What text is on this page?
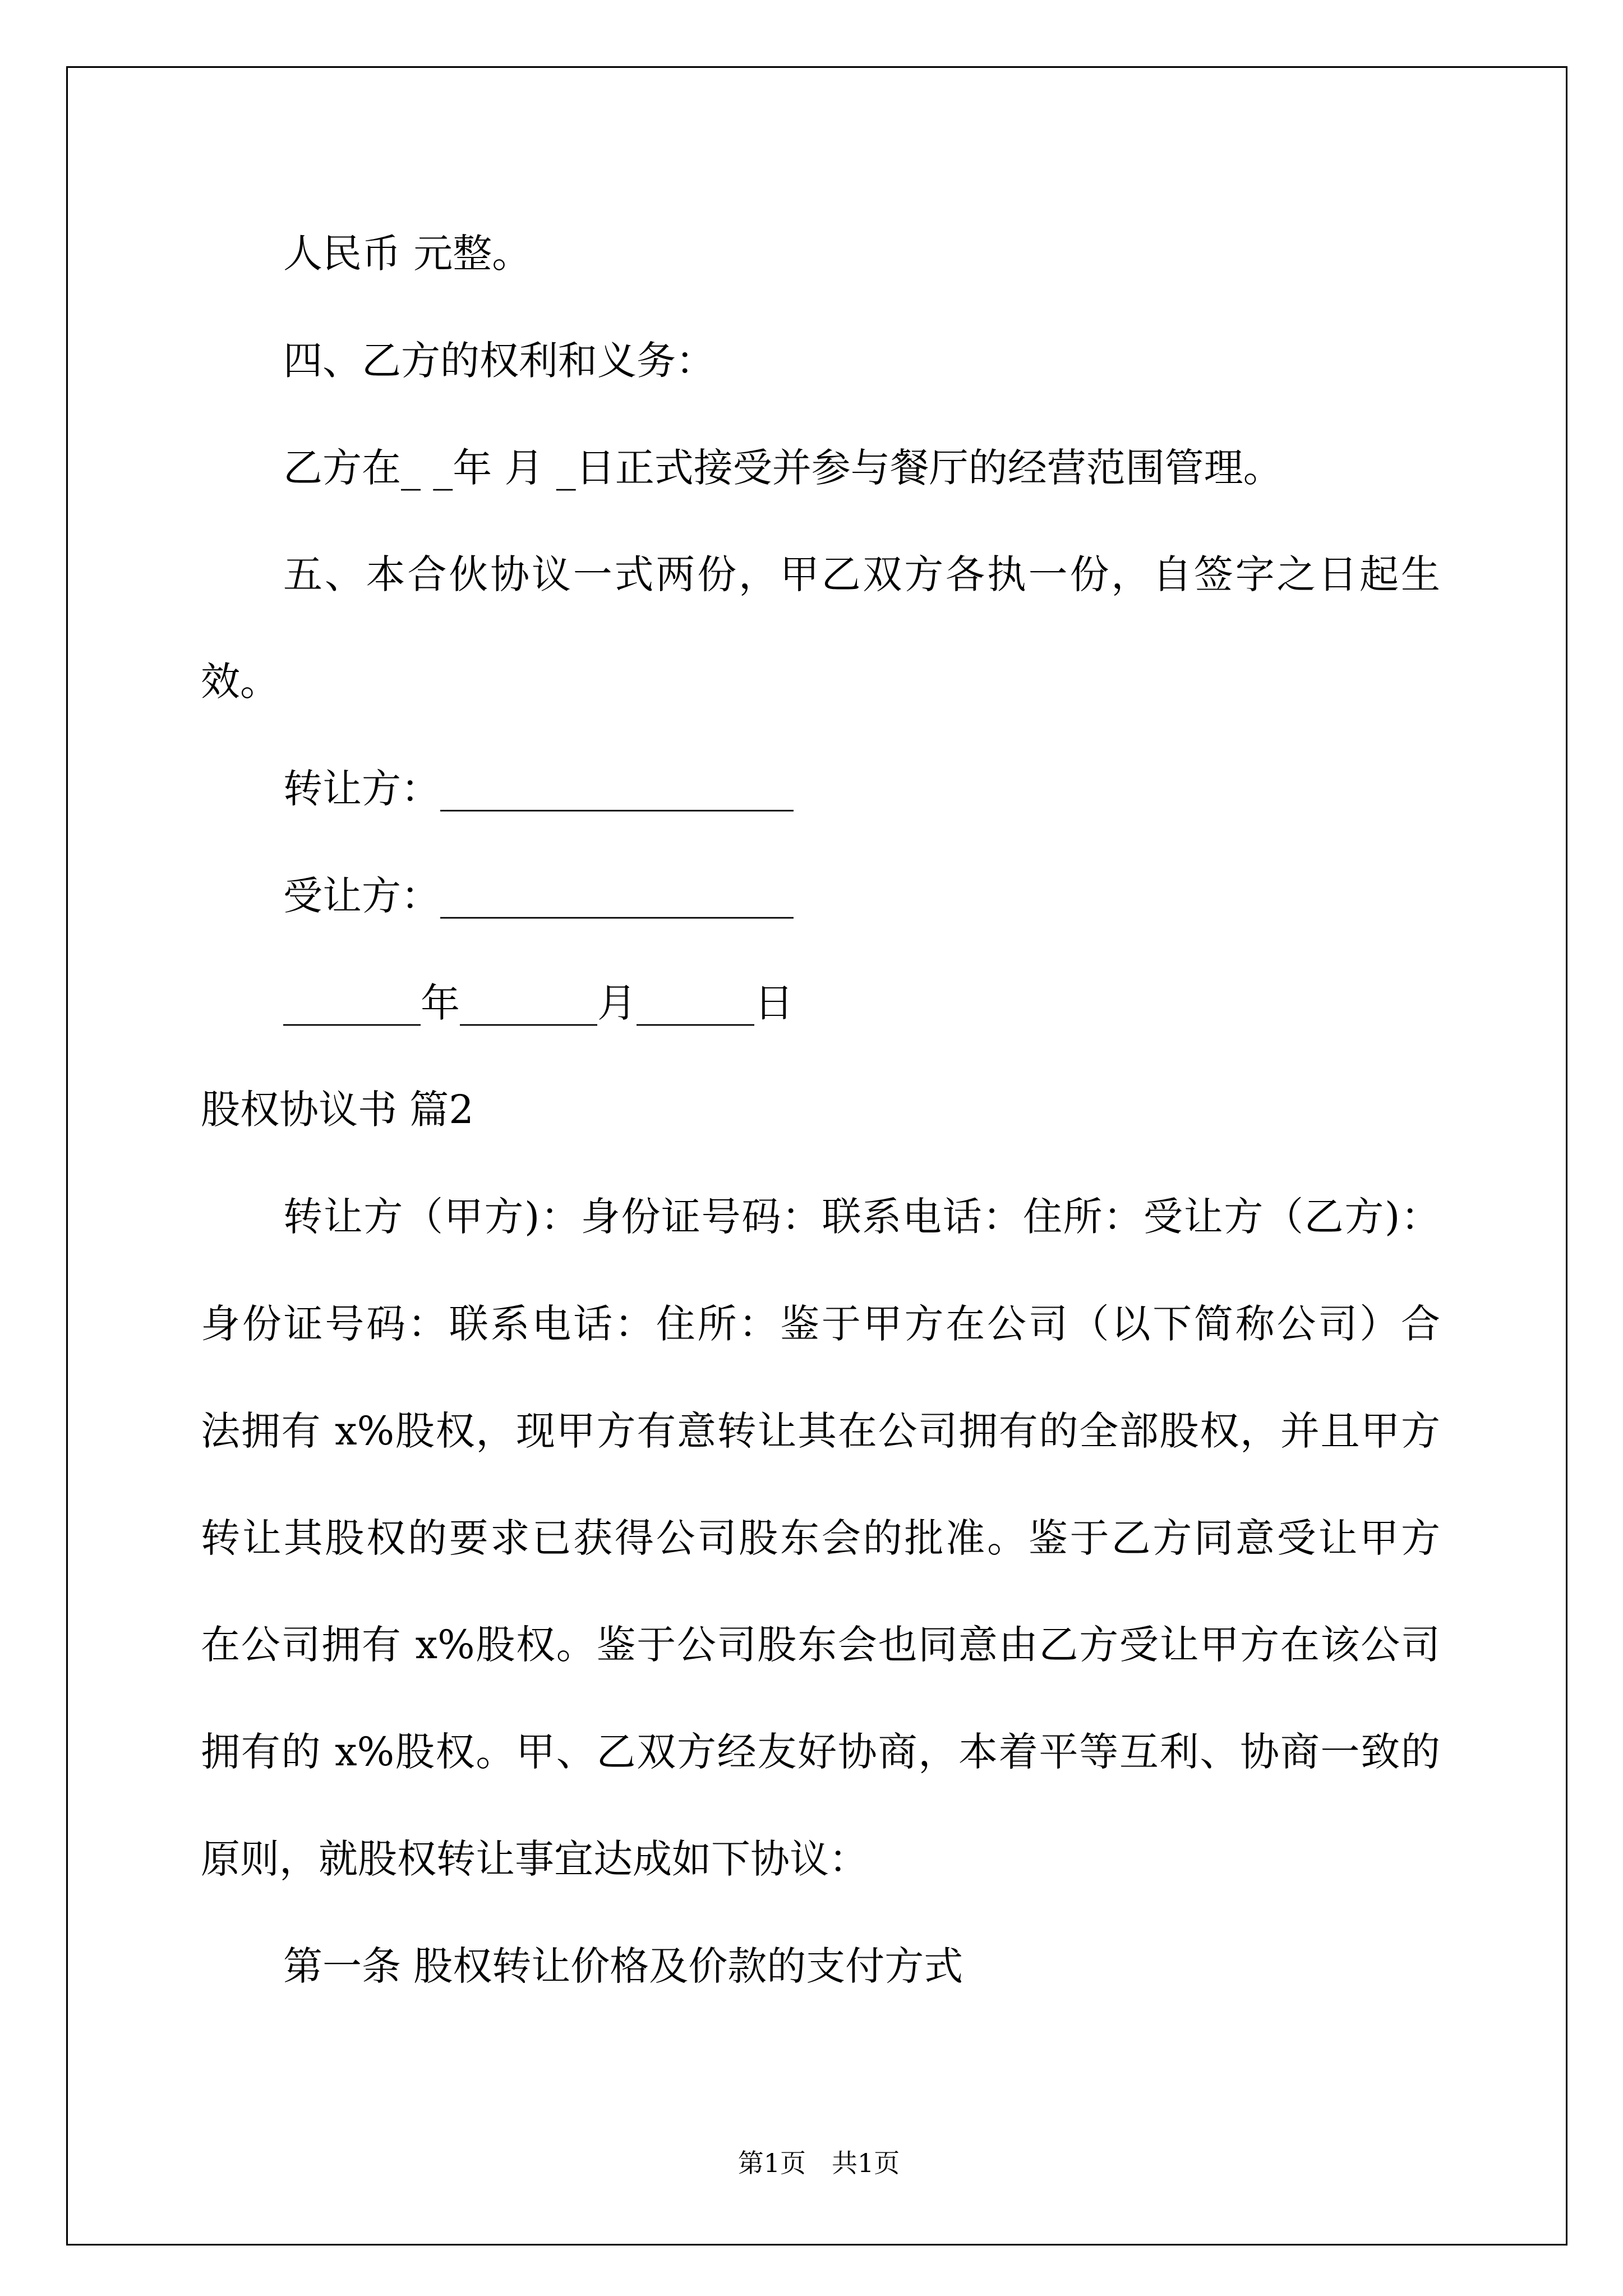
人民币 元整。
四、乙方的权利和义务：
乙方在_ _年 月 _日正式接受并参与餐厅的经营范围管理。
五、本合伙协议一式两份，甲乙双方各执一份，自签字之日起生
效。
转让方：__________________
受让方：__________________
_______年_______月______日
股权协议书 篇2
转让方（甲方)：身份证号码：联系电话：住所：受让方（乙方)：
身份证号码：联系电话：住所：鉴于甲方在公司（以下简称公司）合
法拥有 x%股权，现甲方有意转让其在公司拥有的全部股权，并且甲方
转让其股权的要求已获得公司股东会的批准。鉴于乙方同意受让甲方
在公司拥有 x%股权。鉴于公司股东会也同意由乙方受让甲方在该公司
拥有的 x%股权。甲、乙双方经友好协商，本着平等互利、协商一致的
原则，就股权转让事宜达成如下协议：
第一条 股权转让价格及价款的支付方式
第1页　共1页
